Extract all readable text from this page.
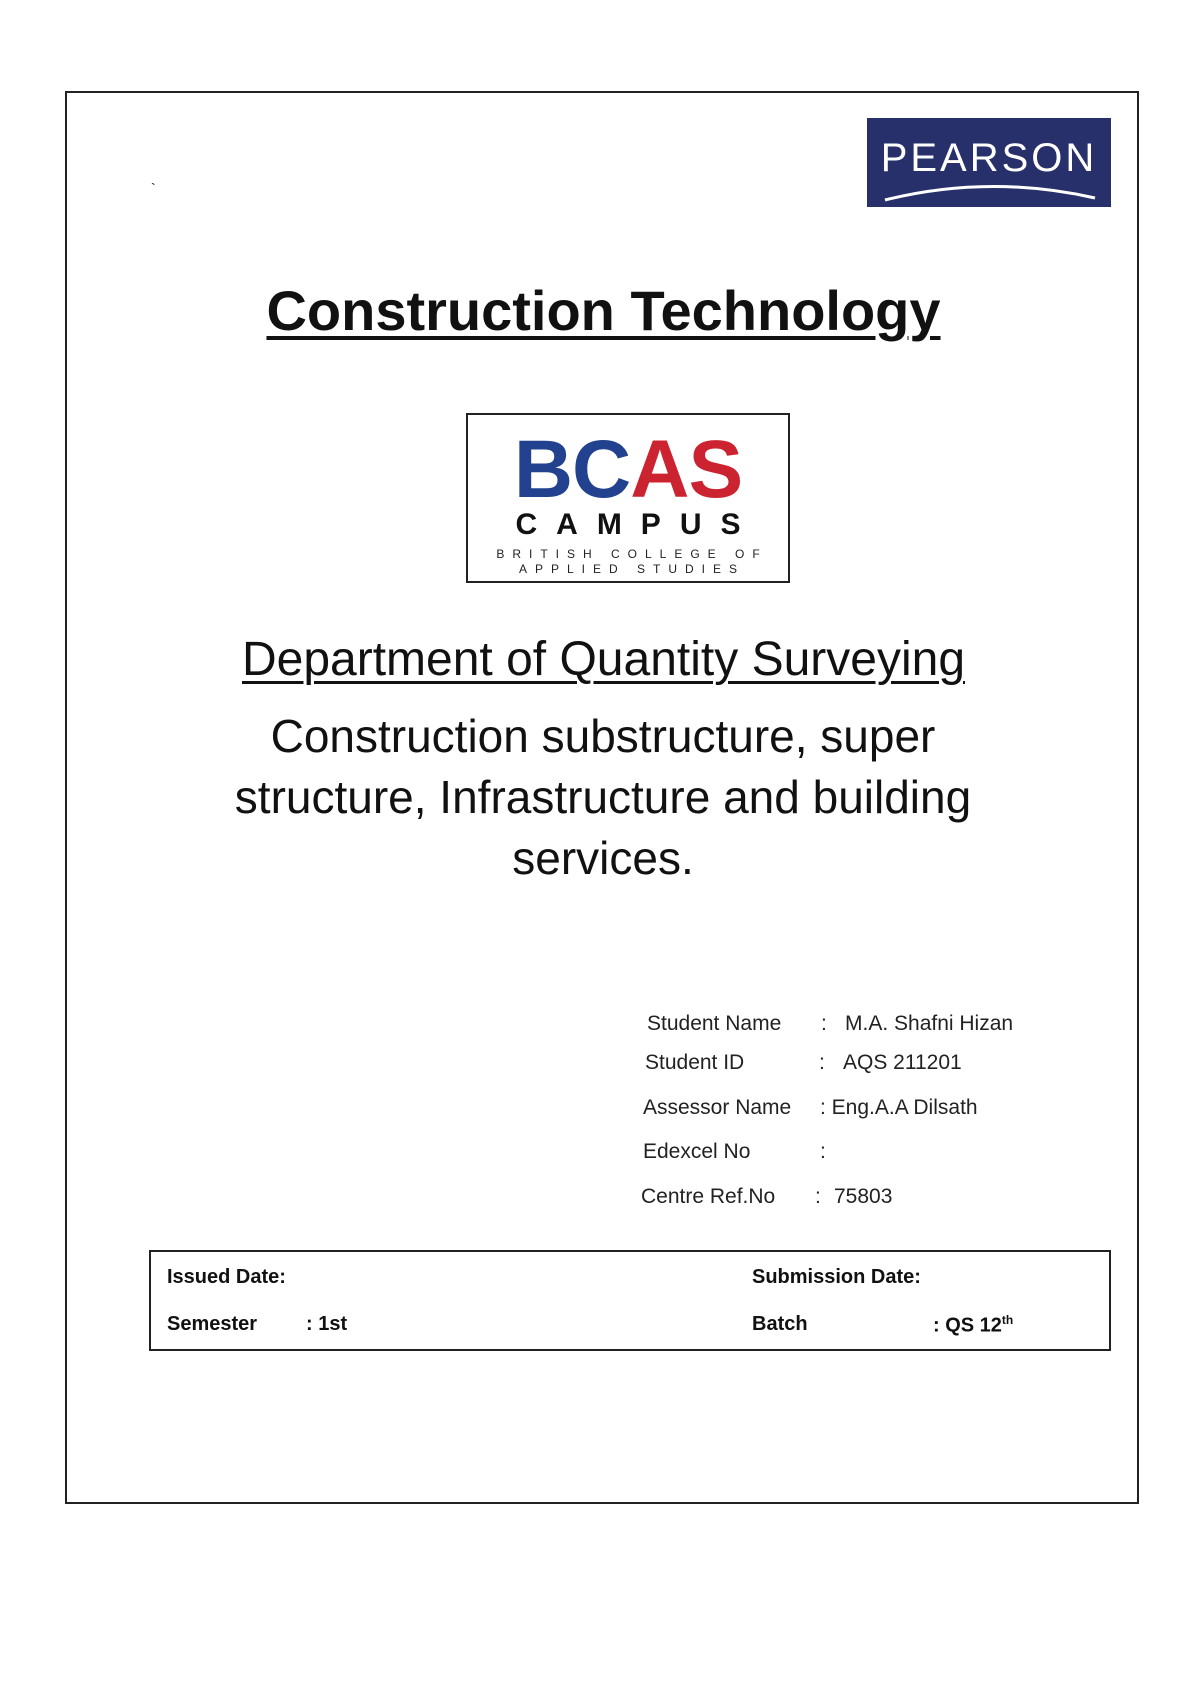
`
PEARSON
Construction Technology
BCAS
CAMPUS
BRITISH COLLEGE OF
APPLIED STUDIES
Department of Quantity Surveying
Construction substructure, super structure, Infrastructure and building services.
Student Name : M.A. Shafni Hizan
Student ID	: AQS 211201
Assessor Name : Eng.A.A Dilsath
Edexcel No	:
Centre Ref.No : 75803
Issued Date:	Submission Date:
Semester : 1st	Batch	: QS 12th
